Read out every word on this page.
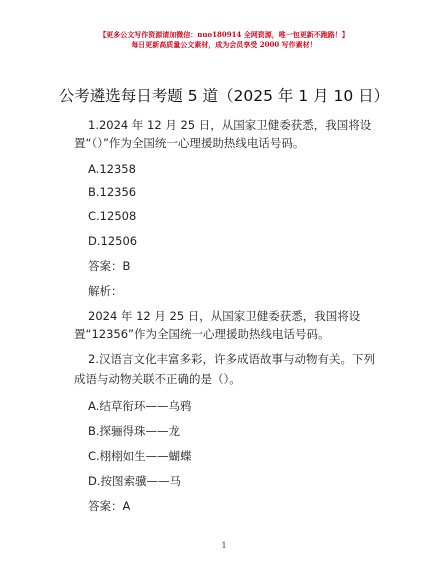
【更多公文写作资源请加微信：nuo180914 全网资源，唯一包更新不跑路！】
每日更新高质量公文素材，成为会员享受 2000 写作素材！
公考遴选每日考题 5 道（2025 年 1 月 10 日）
1.2024 年 12 月 25 日，从国家卫健委获悉，我国将设
置“（）”作为全国统一心理援助热线电话号码。
A.12358
B.12356
C.12508
D.12506
答案：B
解析：
2024 年 12 月 25 日，从国家卫健委获悉，我国将设
置“12356”作为全国统一心理援助热线电话号码。
2.汉语言文化丰富多彩，许多成语故事与动物有关。下列
成语与动物关联不正确的是（）。
A.结草衔环——乌鸦
B.探骊得珠——龙
C.栩栩如生——蝴蝶
D.按图索骥——马
答案：A
1
